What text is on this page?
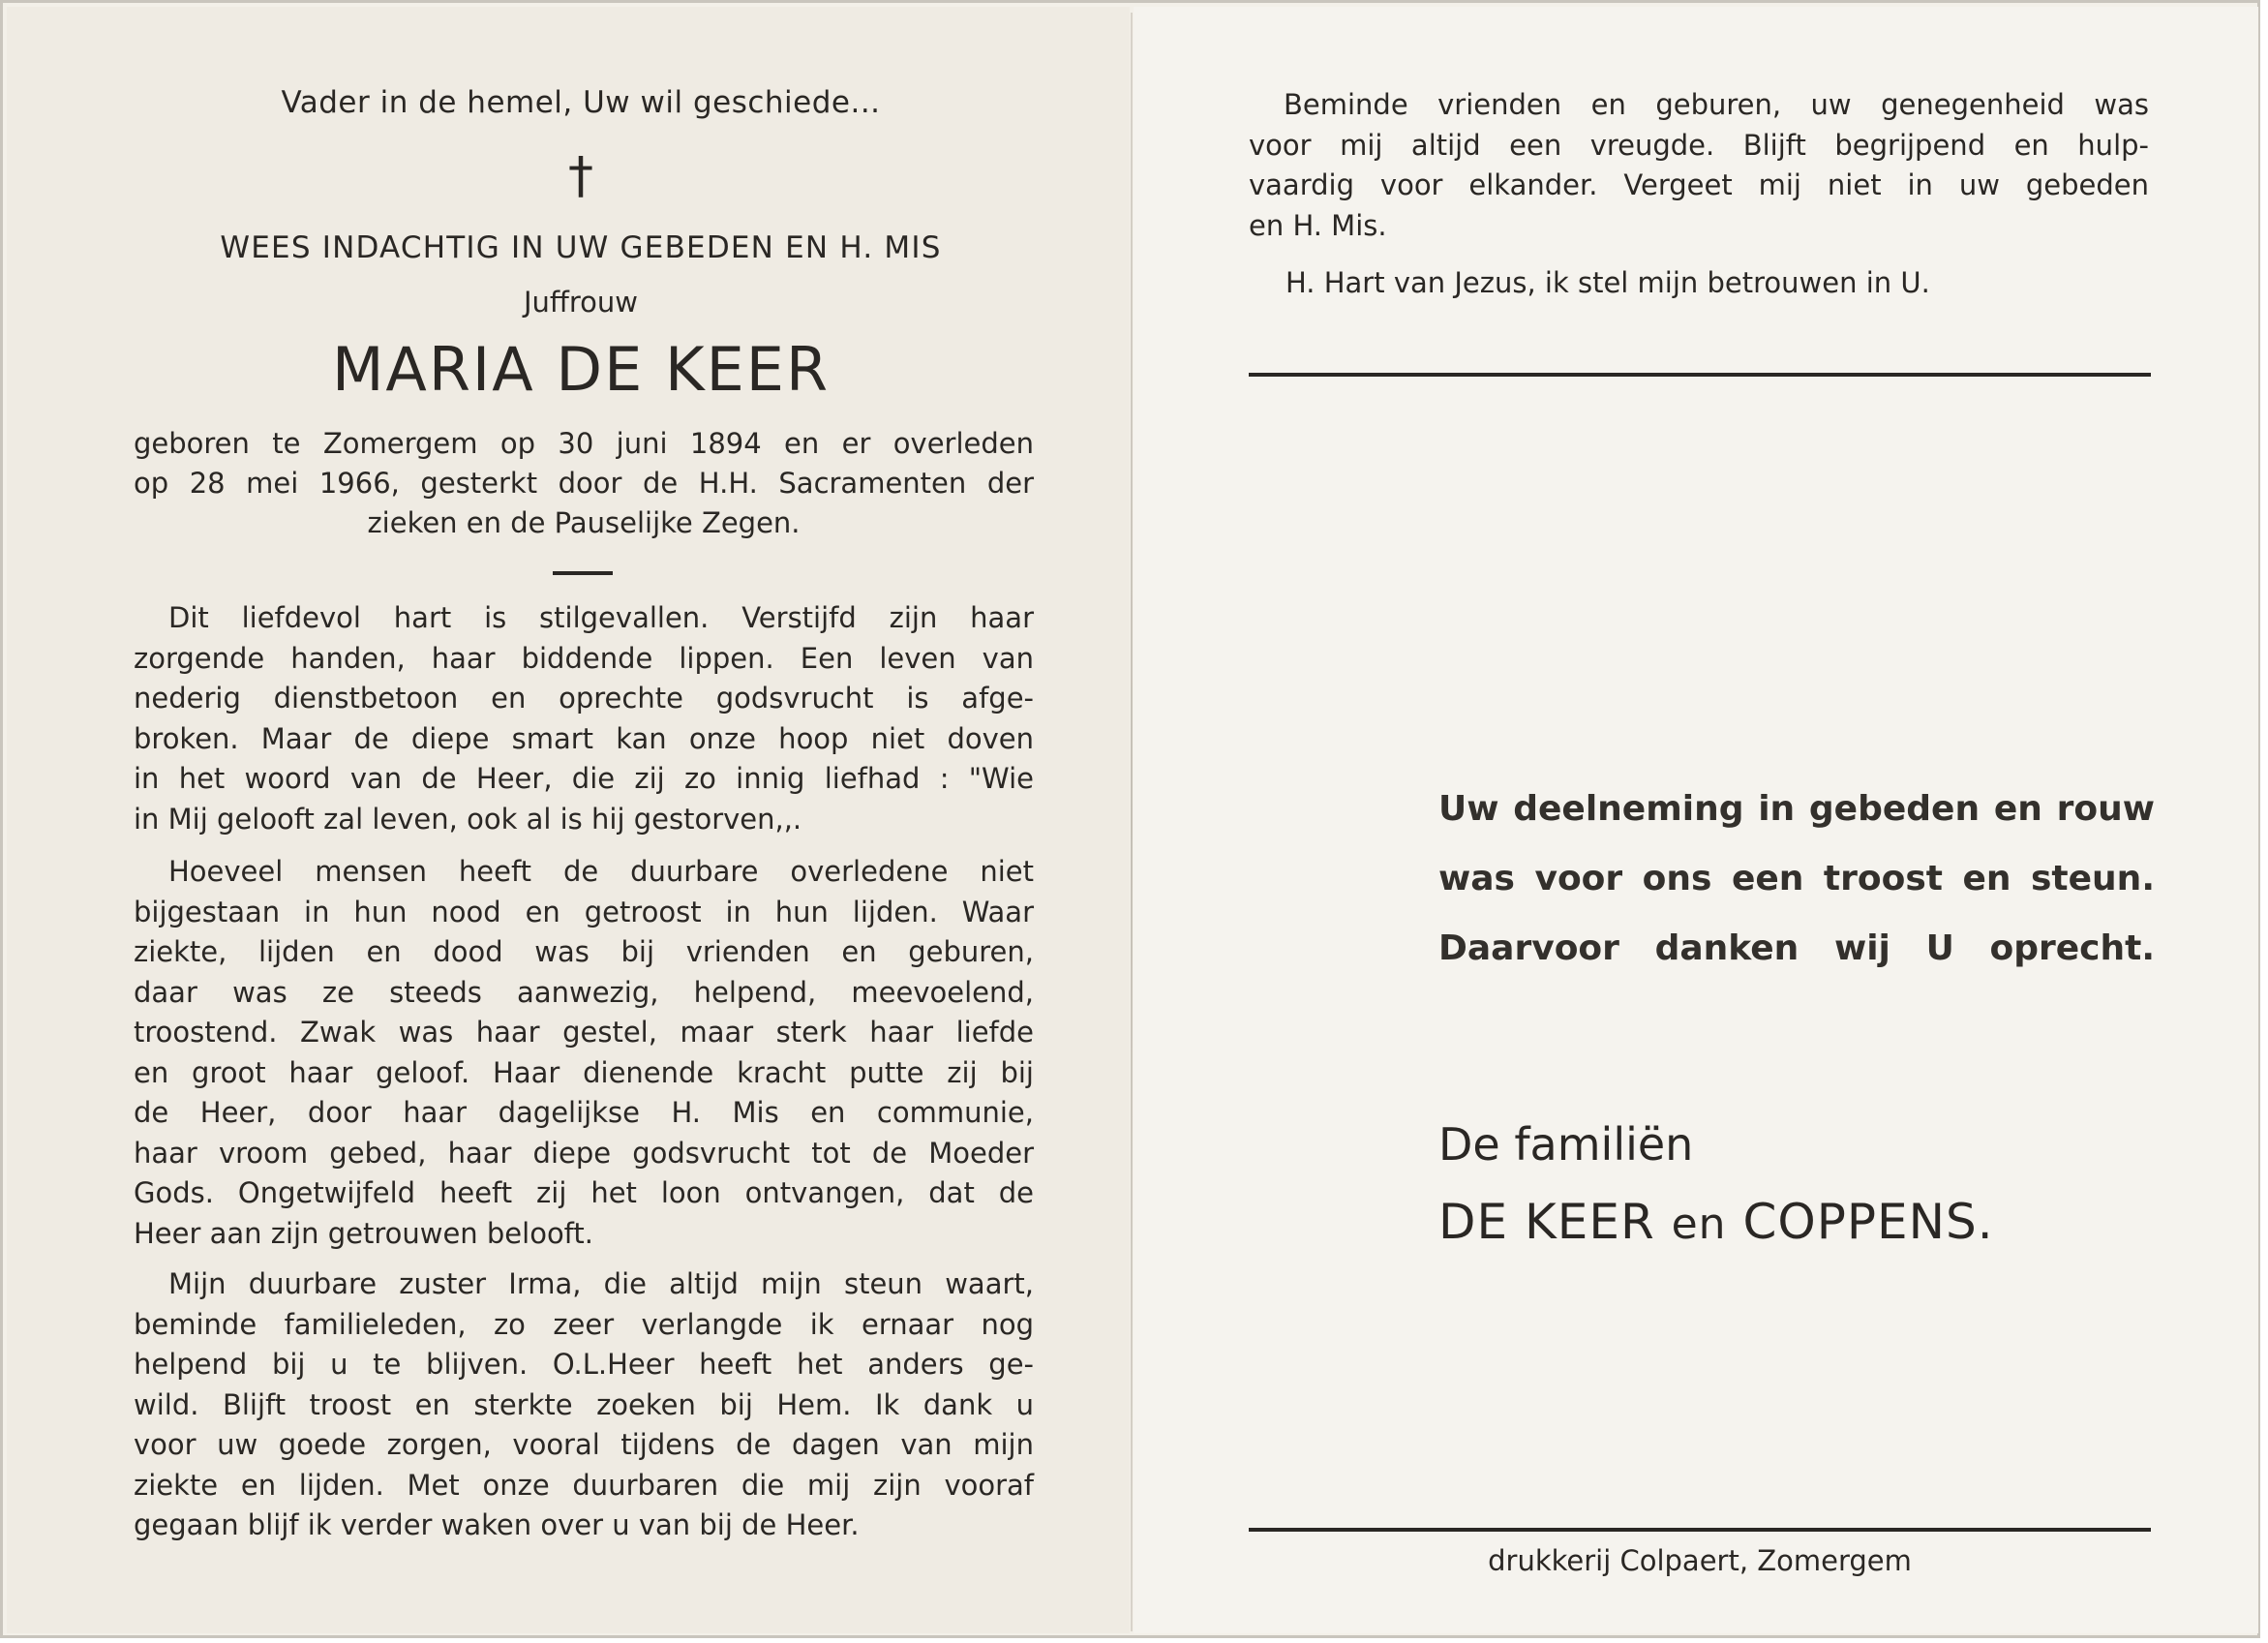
Vader in de hemel, Uw wil geschiede...
†
WEES INDACHTIG IN UW GEBEDEN EN H. MIS
Juffrouw
MARIA DE KEER

geboren te Zomergem op 30 juni 1894 en er overleden

op 28 mei 1966, gesterkt door de H.H. Sacramenten der

zieken en de Pauselijke Zegen.

Dit liefdevol hart is stilgevallen. Verstijfd zijn haar
zorgende handen, haar biddende lippen. Een leven van
nederig dienstbetoon en oprechte godsvrucht is afge-
broken. Maar de diepe smart kan onze hoop niet doven
in het woord van de Heer, die zij zo innig liefhad : "Wie
in Mij gelooft zal leven, ook al is hij gestorven,,.
Hoeveel mensen heeft de duurbare overledene niet
bijgestaan in hun nood en getroost in hun lijden. Waar
ziekte, lijden en dood was bij vrienden en geburen,
daar was ze steeds aanwezig, helpend, meevoelend,
troostend. Zwak was haar gestel, maar sterk haar liefde
en groot haar geloof. Haar dienende kracht putte zij bij
de Heer, door haar dagelijkse H. Mis en communie,
haar vroom gebed, haar diepe godsvrucht tot de Moeder
Gods. Ongetwijfeld heeft zij het loon ontvangen, dat de
Heer aan zijn getrouwen belooft.
Mijn duurbare zuster Irma, die altijd mijn steun waart,
beminde familieleden, zo zeer verlangde ik ernaar nog
helpend bij u te blijven. O.L.Heer heeft het anders ge-
wild. Blijft troost en sterkte zoeken bij Hem. Ik dank u
voor uw goede zorgen, vooral tijdens de dagen van mijn
ziekte en lijden. Met onze duurbaren die mij zijn vooraf
gegaan blijf ik verder waken over u van bij de Heer.
Beminde vrienden en geburen, uw genegenheid was
voor mij altijd een vreugde. Blijft begrijpend en hulp-
vaardig voor elkander. Vergeet mij niet in uw gebeden
en H. Mis.
H. Hart van Jezus, ik stel mijn betrouwen in U.
Uw deelneming in gebeden en rouw
was voor ons een troost en steun.
Daarvoor danken wij U oprecht.
De familiën
DE KEER en COPPENS.
drukkerij Colpaert, Zomergem
